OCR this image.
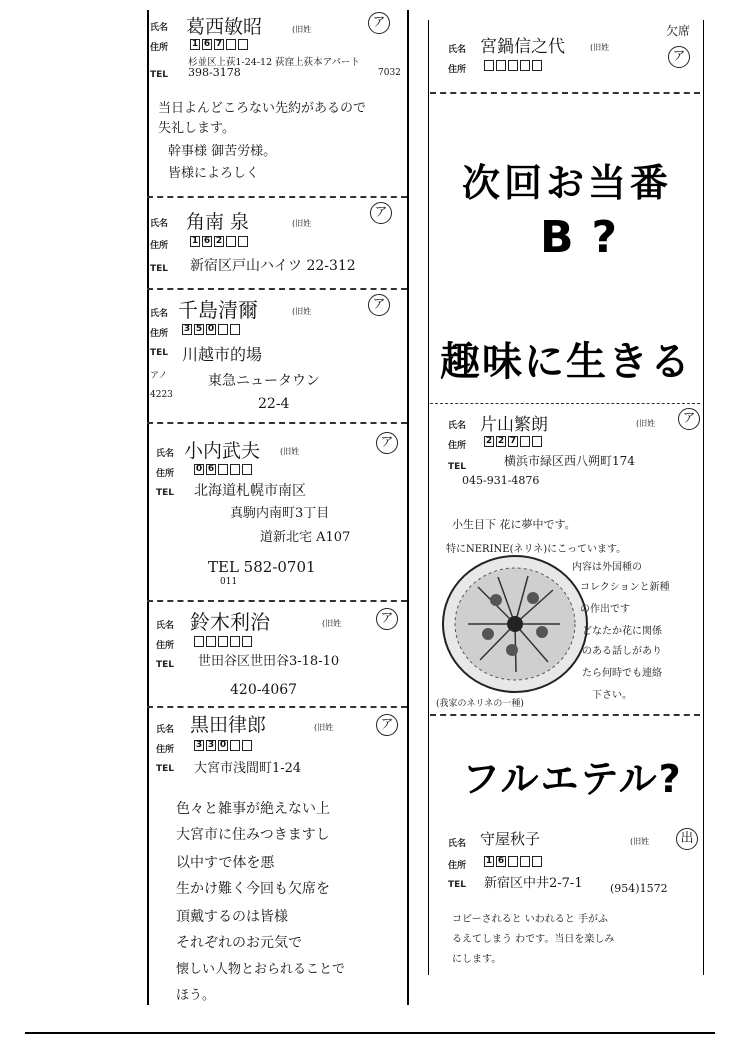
氏名 葛西敏昭	(旧姓	ア
住所	1 6 7
杉並区上荻1-24-12 荻窪上荻本アパート
TEL 398-3178	7032
当日よんどころない先約があるので
失礼します。
幹事様 御苦労様。
皆様によろしく
氏名 角南 泉	(旧姓
ア
住所	1 6 2
TEL 新宿区戸山ハイツ 22-312
氏名 千島清爾	(旧姓	ア
住所 3 5 0
TEL 川越市的場
アノ
4223
東急ニュータウン
22-4
氏名 小内武夫 (旧姓
ア
住所 0 6
TEL 北海道札幌市南区
真駒内南町3丁目
道新北宅 A107
TEL 582-0701
011
氏名 鈴木利治	(旧姓	ア
住所
TEL 世田谷区世田谷3-18-10
420-4067
氏名 黒田律郎	(旧姓	ア
住所 3 3 0
TEL 大宮市浅間町1-24
色々と雑事が絶えない上
大宮市に住みつきますし
以中すで体を悪
生かけ難く今回も欠席を
頂戴するのは皆様
それぞれのお元気で
懐しい人物とおられることで
ほう。
氏名 宮鍋信之代	(旧姓
住所
欠席
ア
次回お当番
B?
趣味に生きる
氏名 片山繁朗	(旧姓	ア
住所 2 2 7
TEL	横浜市緑区西八朔町174
045-931-4876
小生目下 花に夢中です。
特にNERINE(ネリネ)にこっています。
内容は外国種の
コレクションと新種
の作出です
どなたか花に関係
のある話しがあり
たら何時でも連絡
下さい。
(我家のネリネの一種)
フルエテル?
氏名 守屋秋子	(旧姓	出
住所 1 6
TEL 新宿区中井2-7-1 (954)1572
コピーされると いわれると 手がふ
るえてしまう わです。当日を楽しみ
にします。
